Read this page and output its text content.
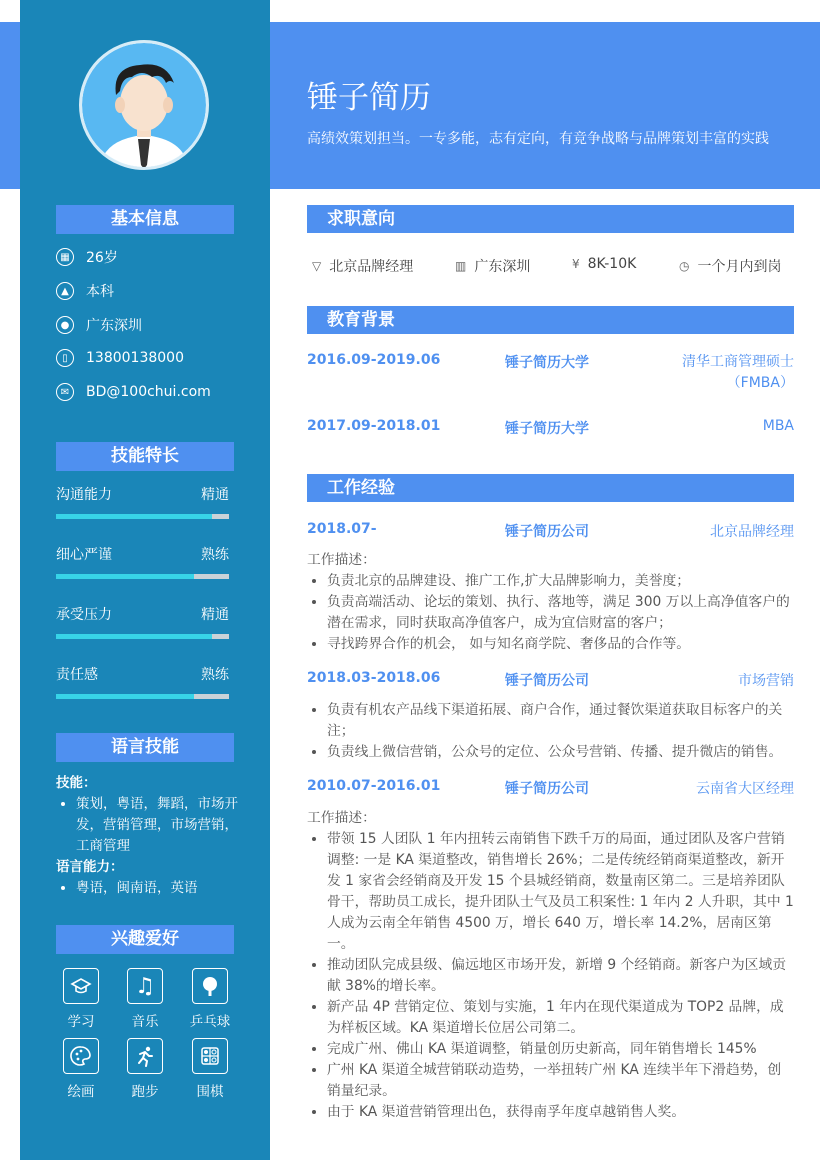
基本信息
▦	26岁
▲	本科
●	广东深圳
▯	13800138000
✉	BD@100chui.com
技能特长
沟通能力	精通
细心严谨	熟练
承受压力	精通
责任感	熟练
语言技能
技能：
• 策划，粤语，舞蹈，市场开发，营销管理，市场营销，工商管理
语言能力：
• 粤语，闽南语，英语
兴趣爱好
学习
♫
音乐	乒乓球
绘画	跑步	围棋
锤子简历
高绩效策划担当。一专多能，志有定向，有竞争战略与品牌策划丰富的实践
求职意向
▽ 北京品牌经理	▥ 广东深圳	¥ 8K-10K	◷ 一个月内到岗
教育背景
2016.09-2019.06	锤子简历大学	清华工商管理硕士（FMBA）
2017.09-2018.01	锤子简历大学	MBA
工作经验
2018.07-	锤子简历公司	北京品牌经理
工作描述：
• 负责北京的品牌建设、推广工作,扩大品牌影响力，美誉度；
• 负责高端活动、论坛的策划、执行、落地等，满足 300 万以上高净值客户的潜在需求，同时获取高净值客户，成为宜信财富的客户；
• 寻找跨界合作的机会， 如与知名商学院、奢侈品的合作等。
2018.03-2018.06	锤子简历公司	市场营销
• 负责有机农产品线下渠道拓展、商户合作，通过餐饮渠道获取目标客户的关注；
• 负责线上微信营销，公众号的定位、公众号营销、传播、提升微店的销售。
2010.07-2016.01	锤子简历公司	云南省大区经理
工作描述：
• 带领 15 人团队 1 年内扭转云南销售下跌千万的局面，通过团队及客户营销调整: 一是 KA 渠道整改，销售增长 26%；二是传统经销商渠道整改，新开发 1 家省会经销商及开发 15 个县城经销商，数量南区第二。三是培养团队骨干，帮助员工成长，提升团队士气及员工积案性: 1 年内 2 人升职，其中 1 人成为云南全年销售 4500 万，增长 640 万，增长率 14.2%，居南区第一。
• 推动团队完成县级、偏远地区市场开发，新增 9 个经销商。新客户为区域贡献 38%的增长率。
• 新产品 4P 营销定位、策划与实施，1 年内在现代渠道成为 TOP2 品牌，成为样板区域。KA 渠道增长位居公司第二。
• 完成广州、佛山 KA 渠道调整，销量创历史新高，同年销售增长 145%
• 广州 KA 渠道全城营销联动造势，一举扭转广州 KA 连续半年下滑趋势，创销量纪录。
• 由于 KA 渠道营销管理出色，获得南孚年度卓越销售人奖。
